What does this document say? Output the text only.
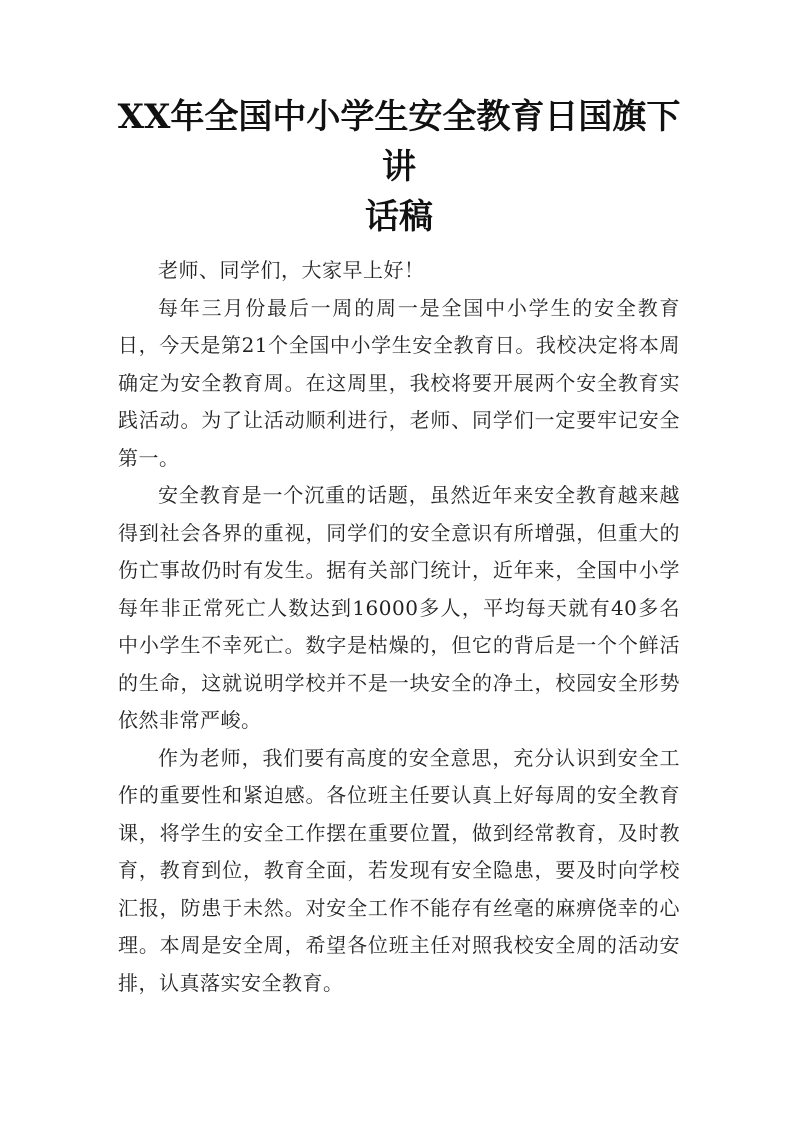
XX年全国中小学生安全教育日国旗下讲
话稿

老师、同学们，大家早上好！

每年三月份最后一周的周一是全国中小学生的安全教育日，今天是第21个全国中小学生安全教育日。我校决定将本周确定为安全教育周。在这周里，我校将要开展两个安全教育实践活动。为了让活动顺利进行，老师、同学们一定要牢记安全第一。

安全教育是一个沉重的话题，虽然近年来安全教育越来越得到社会各界的重视，同学们的安全意识有所增强，但重大的伤亡事故仍时有发生。据有关部门统计，近年来，全国中小学每年非正常死亡人数达到16000多人，平均每天就有40多名中小学生不幸死亡。数字是枯燥的，但它的背后是一个个鲜活的生命，这就说明学校并不是一块安全的净土，校园安全形势依然非常严峻。

作为老师，我们要有高度的安全意思，充分认识到安全工作的重要性和紧迫感。各位班主任要认真上好每周的安全教育课，将学生的安全工作摆在重要位置，做到经常教育，及时教育，教育到位，教育全面，若发现有安全隐患，要及时向学校汇报，防患于未然。对安全工作不能存有丝毫的麻痹侥幸的心理。本周是安全周，希望各位班主任对照我校安全周的活动安排，认真落实安全教育。
